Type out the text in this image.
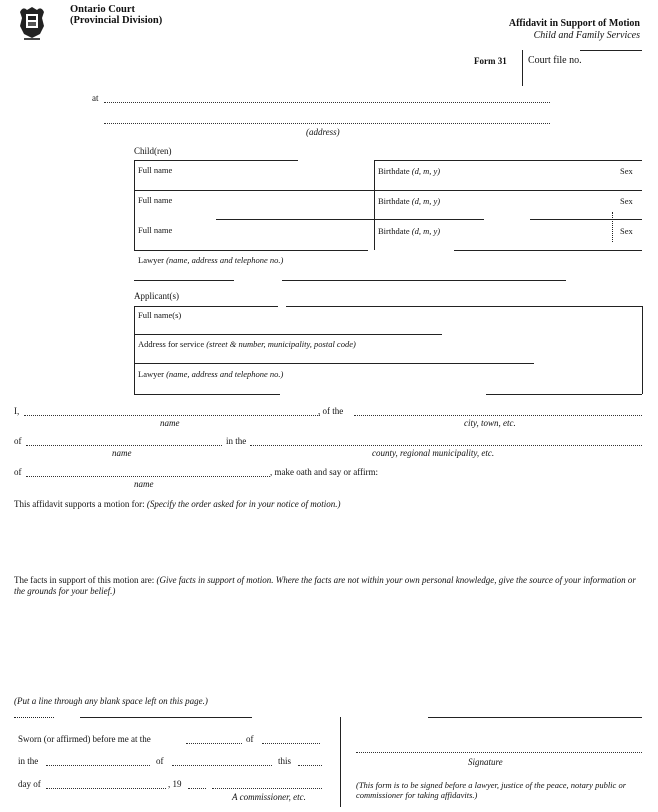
Ontario Court
(Provincial Division)	Affidavit in Support of Motion
Child and Family Services
Form 31 Court file no.
at
(address)
Child(ren)
Full name	Birthdate (d, m, y)	Sex
Full name	Birthdate (d, m, y)	Sex
Full name	Birthdate (d, m, y)	Sex
Lawyer (name, address and telephone no.)
Applicant(s)
Full name(s)
Address for service (street & number, municipality, postal code)
Lawyer (name, address and telephone no.)
I,	, of the
name	city, town, etc.
of	in the
name	county, regional municipality, etc.
of	, make oath and say or affirm:
name
This affidavit supports a motion for: (Specify the order asked for in your notice of motion.)
The facts in support of this motion are: (Give facts in support of motion. Where the facts are not within your own personal knowledge, give the source of your information or the grounds for your belief.)
(Put a line through any blank space left on this page.)
Sworn (or affirmed) before me at the	of
in the	of	this
day of	, 19
A commissioner, etc.
Signature
(This form is to be signed before a lawyer, justice of the peace, notary public or commissioner for taking affidavits.)
